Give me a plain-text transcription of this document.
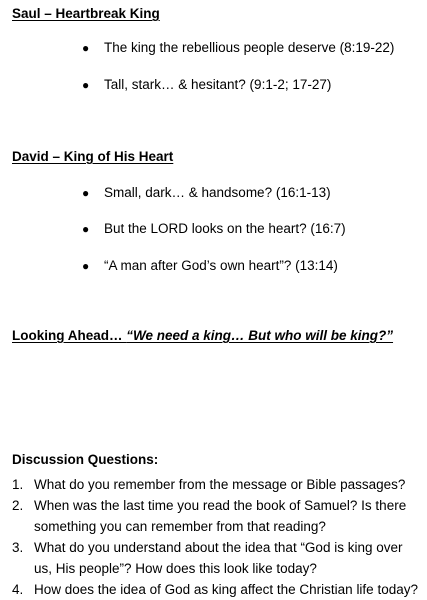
Saul – Heartbreak King
●	The king the rebellious people deserve (8:19-22)
●	Tall, stark… & hesitant? (9:1-2; 17-27)
David – King of His Heart
●	Small, dark… & handsome? (16:1-13)
●	But the LORD looks on the heart? (16:7)
●	“A man after God’s own heart”? (13:14)
Looking Ahead… “We need a king… But who will be king?”
Discussion Questions:
1. What do you remember from the message or Bible passages?
2. When was the last time you read the book of Samuel? Is there something you can remember from that reading?
3. What do you understand about the idea that “God is king over us, His people”? How does this look like today?
4. How does the idea of God as king affect the Christian life today?
